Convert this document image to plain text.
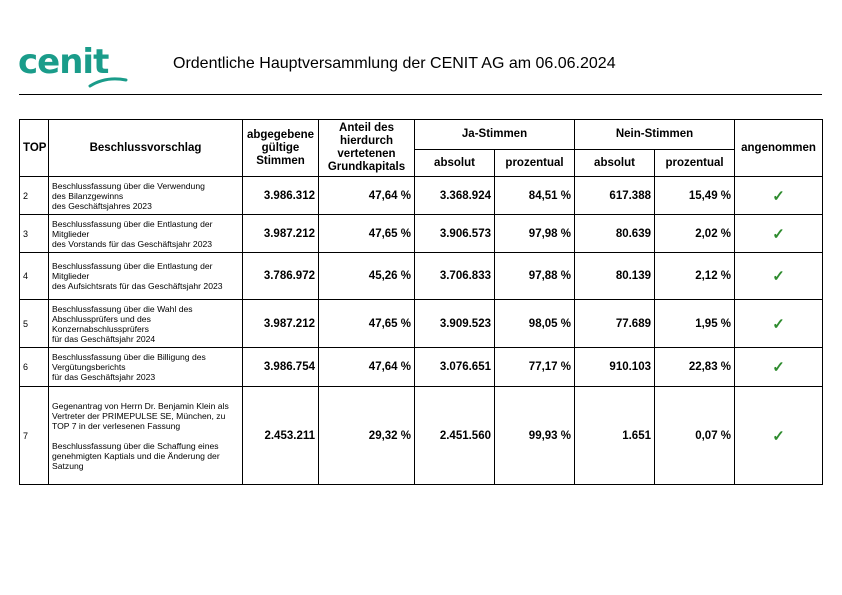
cenit	Ordentliche Hauptversammlung der CENIT AG am 06.06.2024
TOP	Beschlussvorschlag	abgegebene gültige Stimmen	Anteil des hierdurch vertetenen Grundkapitals	Ja-Stimmen		Nein-Stimmen		angenommen
				absolut	prozentual	absolut	prozentual	
2	Beschlussfassung über die Verwendung
des Bilanzgewinns
des Geschäftsjahres 2023	3.986.312	47,64 %	3.368.924	84,51 %	617.388	15,49 %	✓
3	Beschlussfassung über die Entlastung der Mitglieder
des Vorstands für das Geschäftsjahr 2023	3.987.212	47,65 %	3.906.573	97,98 %	80.639	2,02 %	✓
4	Beschlussfassung über die Entlastung der Mitglieder
des Aufsichtsrats für das Geschäftsjahr 2023	3.786.972	45,26 %	3.706.833	97,88 %	80.139	2,12 %	✓
5	Beschlussfassung über die Wahl des Abschlussprüfers und des Konzernabschlussprüfers
für das Geschäftsjahr 2024	3.987.212	47,65 %	3.909.523	98,05 %	77.689	1,95 %	✓
6	Beschlussfassung über die Billigung des Vergütungsberichts
für das Geschäftsjahr 2023	3.986.754	47,64 %	3.076.651	77,17 %	910.103	22,83 %	✓
7	Gegenantrag von Herrn Dr. Benjamin Klein als Vertreter der PRIMEPULSE SE, München, zu TOP 7 in der verlesenen Fassung
Beschlussfassung über die Schaffung eines genehmigten Kaptials und die Änderung der Satzung	2.453.211	29,32 %	2.451.560	99,93 %	1.651	0,07 %	✓
